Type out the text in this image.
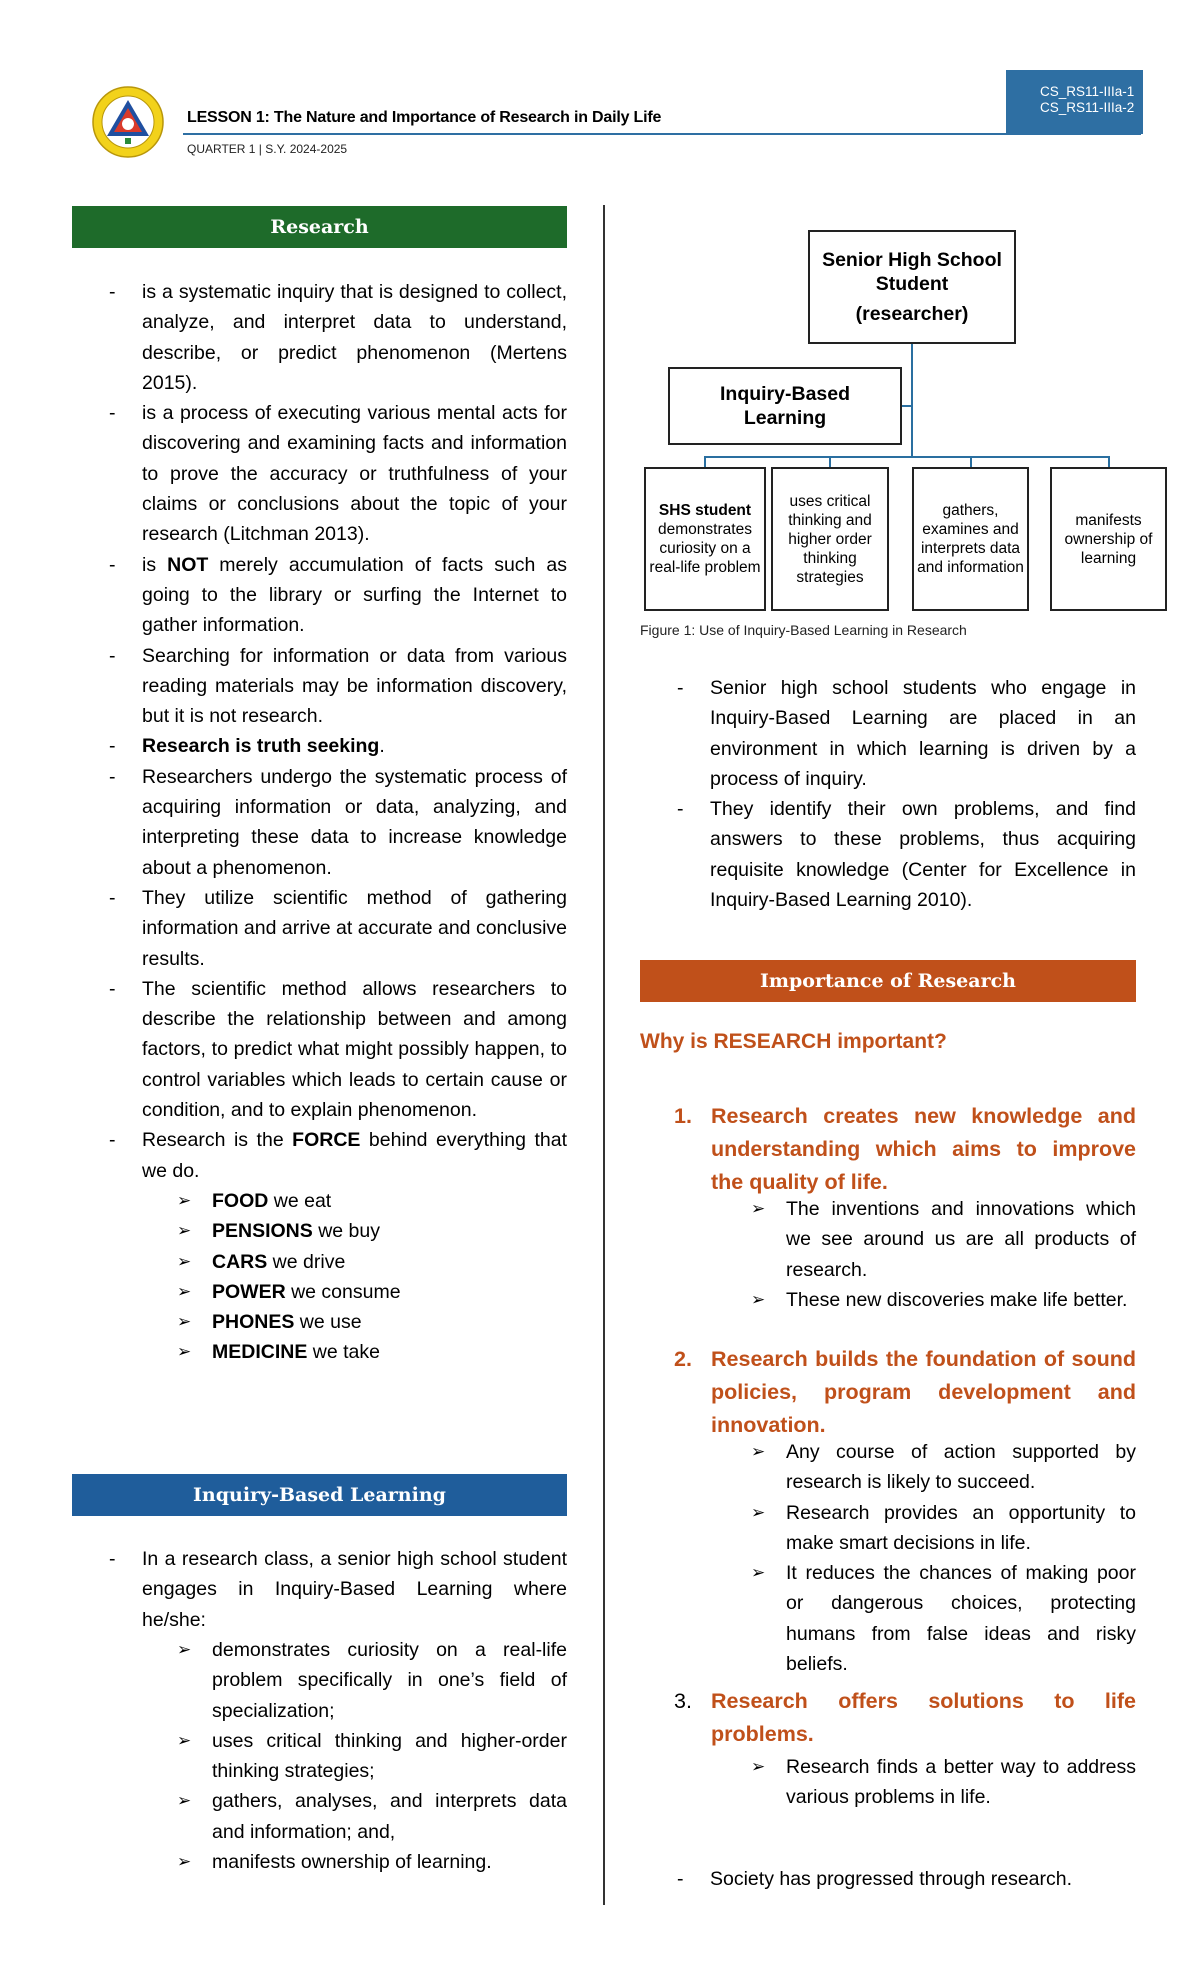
LESSON 1: The Nature and Importance of Research in Daily Life
QUARTER 1 | S.Y. 2024-2025
CS_RS11-IIIa-1
CS_RS11-IIIa-2
Research
- is a systematic inquiry that is designed to collect, analyze, and interpret data to understand, describe, or predict phenomenon (Mertens 2015).
- is a process of executing various mental acts for discovering and examining facts and information to prove the accuracy or truthfulness of your claims or conclusions about the topic of your research (Litchman 2013).
- is NOT merely accumulation of facts such as going to the library or surfing the Internet to gather information.
- Searching for information or data from various reading materials may be information discovery, but it is not research.
- Research is truth seeking.
- Researchers undergo the systematic process of acquiring information or data, analyzing, and interpreting these data to increase knowledge about a phenomenon.
- They utilize scientific method of gathering information and arrive at accurate and conclusive results.
- The scientific method allows researchers to describe the relationship between and among factors, to predict what might possibly happen, to control variables which leads to certain cause or condition, and to explain phenomenon.
- Research is the FORCE behind everything that we do.
➢ FOOD we eat
➢ PENSIONS we buy
➢ CARS we drive
➢ POWER we consume
➢ PHONES we use
➢ MEDICINE we take
Inquiry-Based Learning
- In a research class, a senior high school student engages in Inquiry-Based Learning where he/she:
➢ demonstrates curiosity on a real-life problem specifically in one’s field of specialization;
➢ uses critical thinking and higher-order thinking strategies;
➢ gathers, analyses, and interprets data and information; and,
➢ manifests ownership of learning.
Senior High School
Student
(researcher)
Inquiry-Based
Learning
SHS student
demonstrates curiosity on a real-life problem
uses critical thinking and higher order thinking strategies
gathers, examines and interprets data and information
manifests ownership of learning
Figure 1: Use of Inquiry-Based Learning in Research
- Senior high school students who engage in Inquiry-Based Learning are placed in an environment in which learning is driven by a process of inquiry.
- They identify their own problems, and find answers to these problems, thus acquiring requisite knowledge (Center for Excellence in Inquiry-Based Learning 2010).
Importance of Research
Why is RESEARCH important?
1. Research creates new knowledge and understanding which aims to improve the quality of life.
➢ The inventions and innovations which we see around us are all products of research.
➢ These new discoveries make life better.
2. Research builds the foundation of sound policies, program development and innovation.
➢ Any course of action supported by research is likely to succeed.
➢ Research provides an opportunity to make smart decisions in life.
➢ It reduces the chances of making poor or dangerous choices, protecting humans from false ideas and risky beliefs.
3. Research offers solutions to life problems.
➢ Research finds a better way to address various problems in life.
- Society has progressed through research.
